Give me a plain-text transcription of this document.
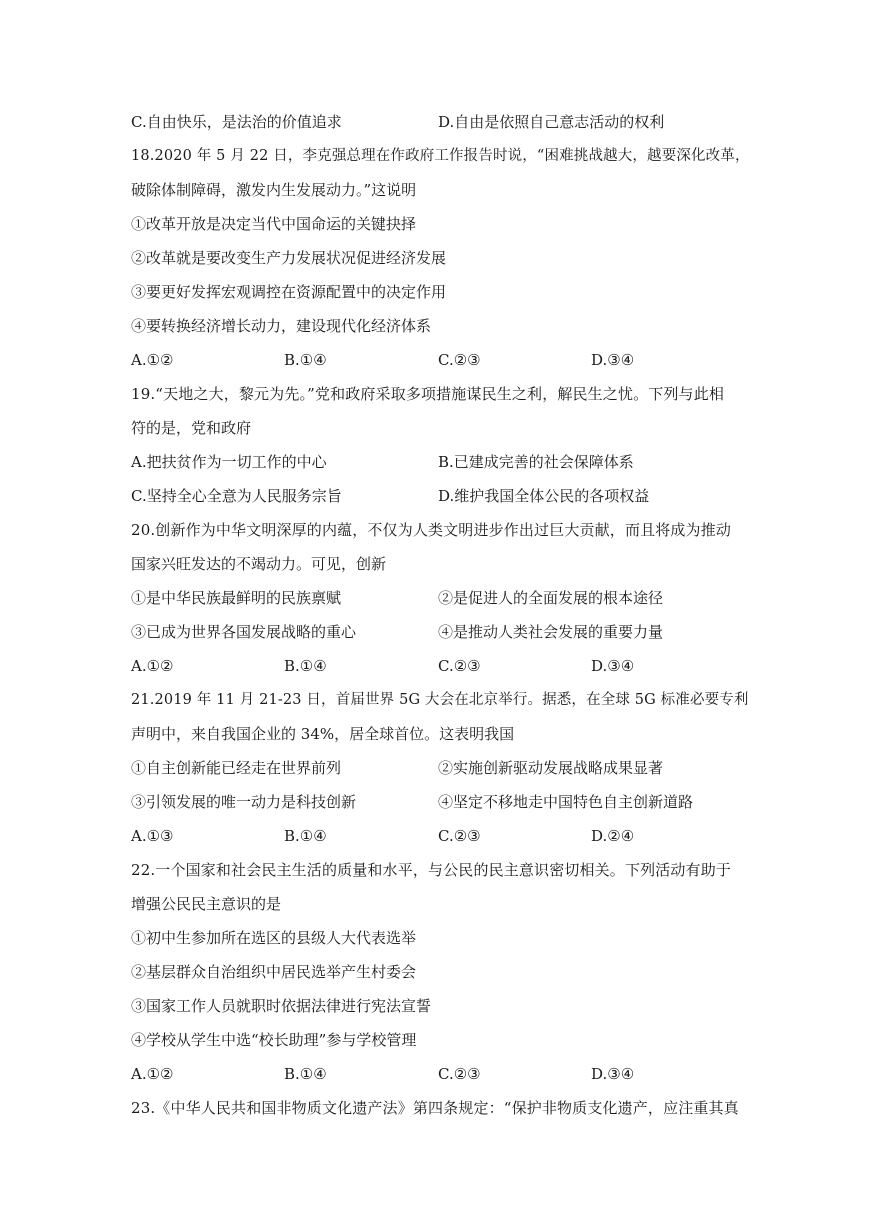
C.自由快乐，是法治的价值追求	D.自由是依照自己意志活动的权利
18.2020 年 5 月 22 日，李克强总理在作政府工作报告时说，“困难挑战越大，越要深化改革，
破除体制障碍，激发内生发展动力。”这说明
①改革开放是决定当代中国命运的关键抉择
②改革就是要改变生产力发展状况促进经济发展
③要更好发挥宏观调控在资源配置中的决定作用
④要转换经济增长动力，建设现代化经济体系
A.①②	B.①④	C.②③	D.③④
19.“天地之大，黎元为先。”党和政府采取多项措施谋民生之利，解民生之忧。下列与此相
符的是，党和政府
A.把扶贫作为一切工作的中心	B.已建成完善的社会保障体系
C.坚持全心全意为人民服务宗旨	D.维护我国全体公民的各项权益
20.创新作为中华文明深厚的内蕴，不仅为人类文明进步作出过巨大贡献，而且将成为推动
国家兴旺发达的不竭动力。可见，创新
①是中华民族最鲜明的民族禀赋	②是促进人的全面发展的根本途径
③已成为世界各国发展战略的重心	④是推动人类社会发展的重要力量
A.①②	B.①④	C.②③	D.③④
21.2019 年 11 月 21-23 日，首届世界 5G 大会在北京举行。据悉，在全球 5G 标准必要专利
声明中，来自我国企业的 34%，居全球首位。这表明我国
①自主创新能已经走在世界前列	②实施创新驱动发展战略成果显著
③引领发展的唯一动力是科技创新	④坚定不移地走中国特色自主创新道路
A.①③	B.①④	C.②③	D.②④
22.一个国家和社会民主生活的质量和水平，与公民的民主意识密切相关。下列活动有助于
增强公民民主意识的是
①初中生参加所在选区的县级人大代表选举
②基层群众自治组织中居民选举产生村委会
③国家工作人员就职时依据法律进行宪法宣誓
④学校从学生中选“校长助理”参与学校管理
A.①②	B.①④	C.②③	D.③④
23.《中华人民共和国非物质文化遗产法》第四条规定：“保护非物质支化遗产，应注重其真
